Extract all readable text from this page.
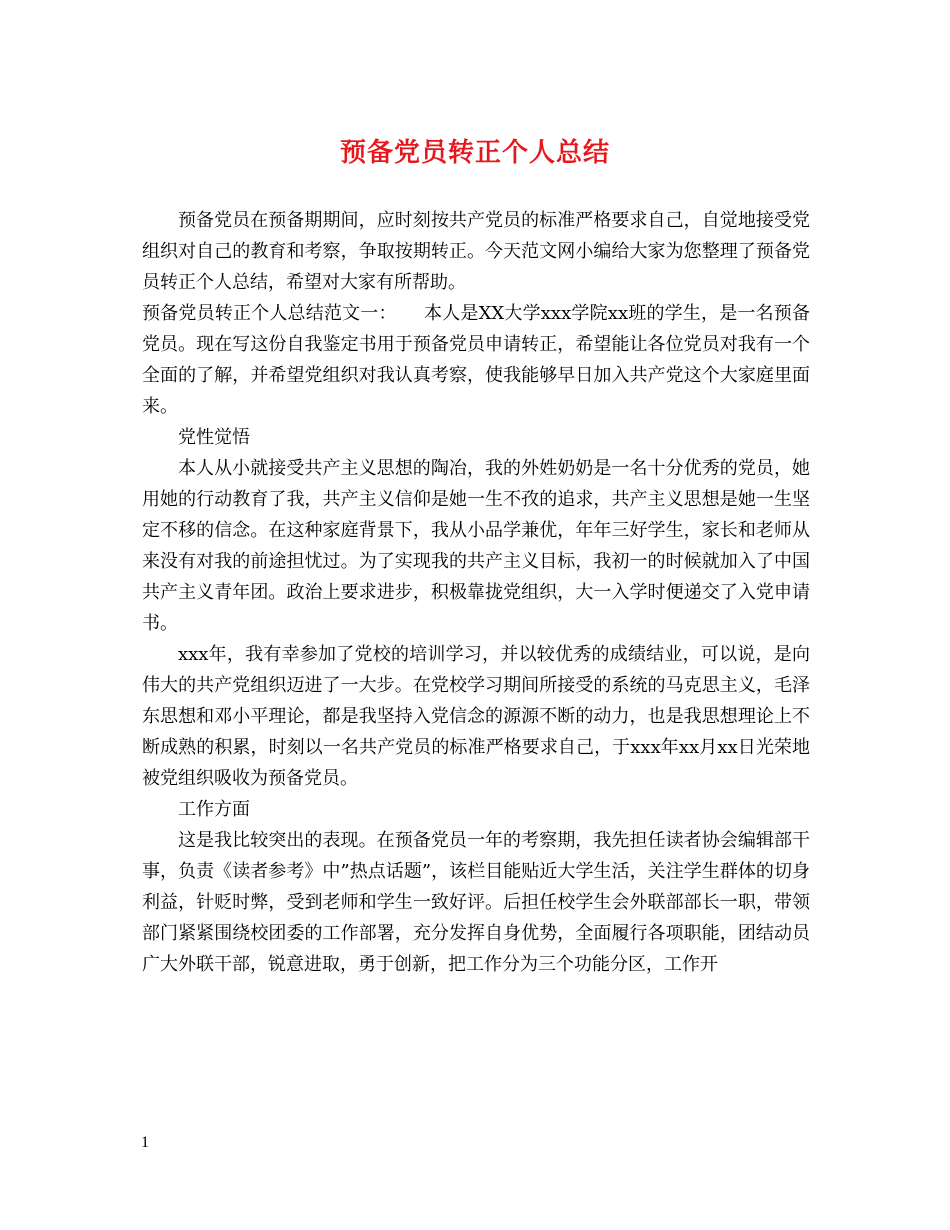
预备党员转正个人总结

预备党员在预备期期间，应时刻按共产党员的标准严格要求自己，自觉地接受党组织对自己的教育和考察，争取按期转正。今天范文网小编给大家为您整理了预备党员转正个人总结，希望对大家有所帮助。

预备党员转正个人总结范文一：　　本人是XX大学xxx学院xx班的学生，是一名预备党员。现在写这份自我鉴定书用于预备党员申请转正，希望能让各位党员对我有一个全面的了解，并希望党组织对我认真考察，使我能够早日加入共产党这个大家庭里面来。

党性觉悟

本人从小就接受共产主义思想的陶冶，我的外姓奶奶是一名十分优秀的党员，她用她的行动教育了我，共产主义信仰是她一生不孜的追求，共产主义思想是她一生坚定不移的信念。在这种家庭背景下，我从小品学兼优，年年三好学生，家长和老师从来没有对我的前途担忧过。为了实现我的共产主义目标，我初一的时候就加入了中国共产主义青年团。政治上要求进步，积极靠拢党组织，大一入学时便递交了入党申请书。

xxx年，我有幸参加了党校的培训学习，并以较优秀的成绩结业，可以说，是向伟大的共产党组织迈进了一大步。在党校学习期间所接受的系统的马克思主义，毛泽东思想和邓小平理论，都是我坚持入党信念的源源不断的动力，也是我思想理论上不断成熟的积累，时刻以一名共产党员的标准严格要求自己，于xxx年xx月xx日光荣地被党组织吸收为预备党员。

工作方面

这是我比较突出的表现。在预备党员一年的考察期，我先担任读者协会编辑部干事，负责《读者参考》中”热点话题”，该栏目能贴近大学生活，关注学生群体的切身利益，针贬时弊，受到老师和学生一致好评。后担任校学生会外联部部长一职，带领部门紧紧围绕校团委的工作部署，充分发挥自身优势，全面履行各项职能，团结动员广大外联干部，锐意进取，勇于创新，把工作分为三个功能分区，工作开

1
